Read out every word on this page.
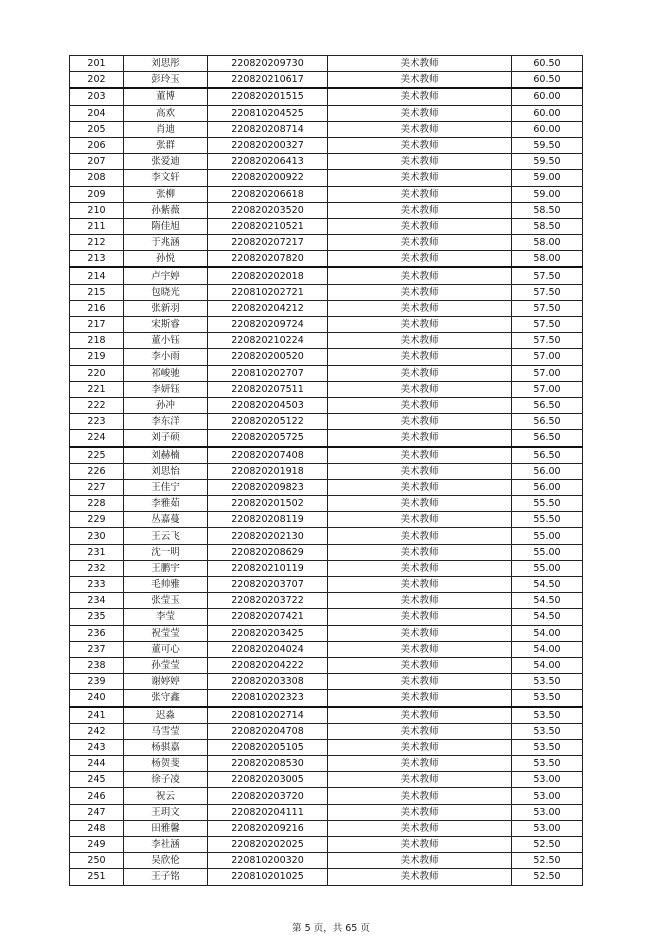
201	刘思彤	220820209730	美术教师	60.50
202	彭玲玉	220820210617	美术教师	60.50
203	董博	220820201515	美术教师	60.00
204	高欢	220810204525	美术教师	60.00
205	肖迪	220820208714	美术教师	60.00
206	张群	220820200327	美术教师	59.50
207	张爱迪	220820206413	美术教师	59.50
208	李文轩	220820200922	美术教师	59.00
209	张柳	220820206618	美术教师	59.00
210	孙紫薇	220820203520	美术教师	58.50
211	隋佳旭	220820210521	美术教师	58.50
212	于兆涵	220820207217	美术教师	58.00
213	孙悦	220820207820	美术教师	58.00
214	卢宇婷	220820202018	美术教师	57.50
215	包晓光	220810202721	美术教师	57.50
216	张新羽	220820204212	美术教师	57.50
217	宋斯睿	220820209724	美术教师	57.50
218	董小钰	220820210224	美术教师	57.50
219	李小雨	220820200520	美术教师	57.00
220	祁峻驰	220810202707	美术教师	57.00
221	李妍钰	220820207511	美术教师	57.00
222	孙冲	220820204503	美术教师	56.50
223	李东洋	220820205122	美术教师	56.50
224	刘子硕	220820205725	美术教师	56.50
225	刘赫楠	220820207408	美术教师	56.50
226	刘思怡	220820201918	美术教师	56.00
227	王佳宁	220820209823	美术教师	56.00
228	李雅茹	220820201502	美术教师	55.50
229	丛嘉蔓	220820208119	美术教师	55.50
230	王云飞	220820202130	美术教师	55.00
231	沈一明	220820208629	美术教师	55.00
232	王鹏宇	220820210119	美术教师	55.00
233	毛帅雅	220820203707	美术教师	54.50
234	张莹玉	220820203722	美术教师	54.50
235	李莹	220820207421	美术教师	54.50
236	祝莹莹	220820203425	美术教师	54.00
237	董可心	220820204024	美术教师	54.00
238	孙莹莹	220820204222	美术教师	54.00
239	谢婷婷	220820203308	美术教师	53.50
240	张守鑫	220810202323	美术教师	53.50
241	迟淼	220810202714	美术教师	53.50
242	马雪莹	220820204708	美术教师	53.50
243	杨骐嘉	220820205105	美术教师	53.50
244	杨贺斐	220820208530	美术教师	53.50
245	徐子凌	220820203005	美术教师	53.00
246	祝云	220820203720	美术教师	53.00
247	王玥文	220820204111	美术教师	53.00
248	田雅馨	220820209216	美术教师	53.00
249	李社涵	220820202025	美术教师	52.50
250	吴欣伦	220810200320	美术教师	52.50
251	王子铭	220810201025	美术教师	52.50
第 5 页，共 65 页
